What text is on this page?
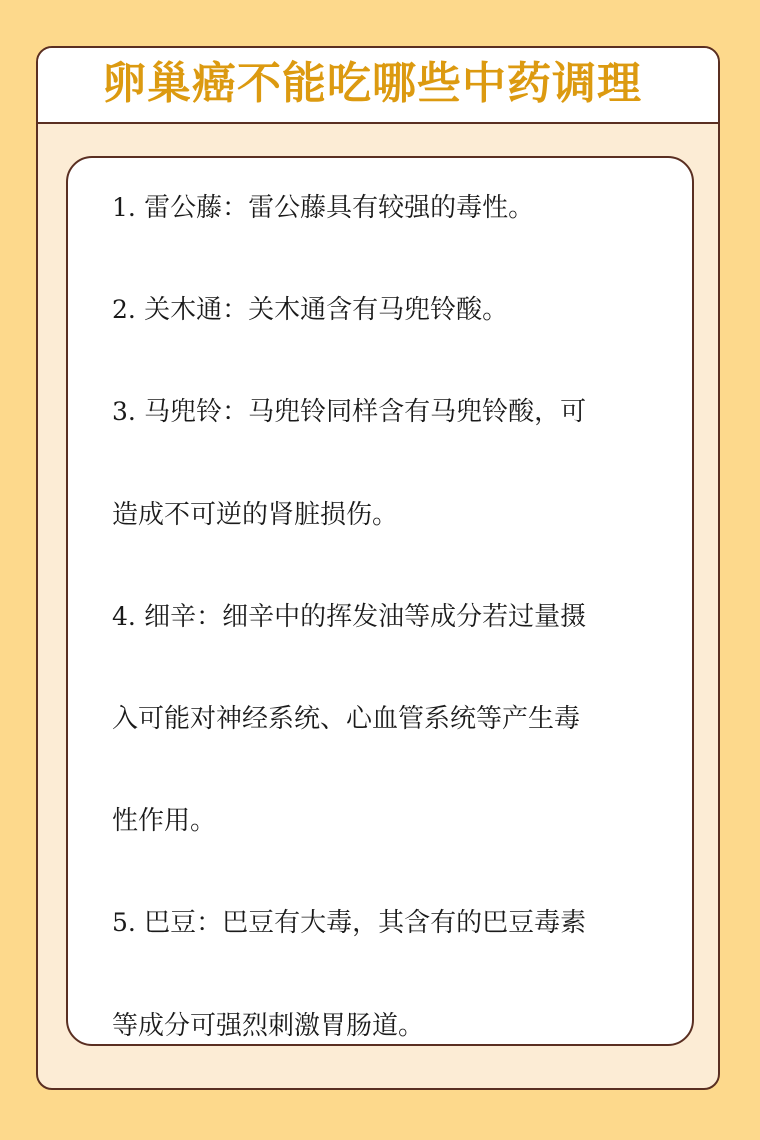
卵巢癌不能吃哪些中药调理
1. 雷公藤：雷公藤具有较强的毒性。
2. 关木通：关木通含有马兜铃酸。
3. 马兜铃：马兜铃同样含有马兜铃酸，可
造成不可逆的肾脏损伤。
4. 细辛：细辛中的挥发油等成分若过量摄
入可能对神经系统、心血管系统等产生毒
性作用。
5. 巴豆：巴豆有大毒，其含有的巴豆毒素
等成分可强烈刺激胃肠道。
